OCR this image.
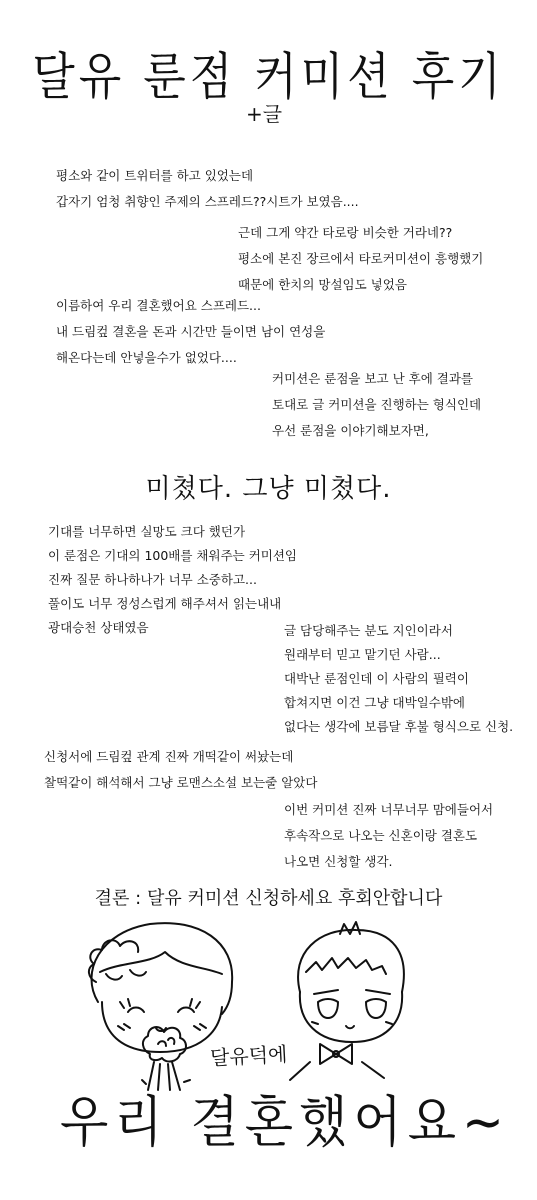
달유 룬점 커미션 후기
+글
평소와 같이 트위터를 하고 있었는데
갑자기 엄청 취향인 주제의 스프레드??시트가 보였음....
근데 그게 약간 타로랑 비슷한 거라네??
평소에 본진 장르에서 타로커미션이 흥행했기
때문에 한치의 망설임도 넣었음
이름하여 우리 결혼했어요 스프레드...
내 드림컾 결혼을 돈과 시간만 들이면 남이 연성을
해온다는데 안넣을수가 없었다....
커미션은 룬점을 보고 난 후에 결과를
토대로 글 커미션을 진행하는 형식인데
우선 룬점을 이야기해보자면,
미쳤다. 그냥 미쳤다.
기대를 너무하면 실망도 크다 했던가
이 룬점은 기대의 100배를 채워주는 커미션임
진짜 질문 하나하나가 너무 소중하고...
풀이도 너무 정성스럽게 해주셔서 읽는내내
광대승천 상태였음	글 담당해주는 분도 지인이라서
원래부터 믿고 맡기던 사람...
대박난 룬점인데 이 사람의 필력이
합쳐지면 이건 그냥 대박일수밖에
없다는 생각에 보름달 후불 형식으로 신청.
신청서에 드림컾 관계 진짜 개떡같이 써놨는데
찰떡같이 해석해서 그냥 로맨스소설 보는줄 알았다
이번 커미션 진짜 너무너무 맘에들어서
후속작으로 나오는 신혼이랑 결혼도
나오면 신청할 생각.
결론 : 달유 커미션 신청하세요 후회안합니다
달유덕에
우리 결혼했어요~
